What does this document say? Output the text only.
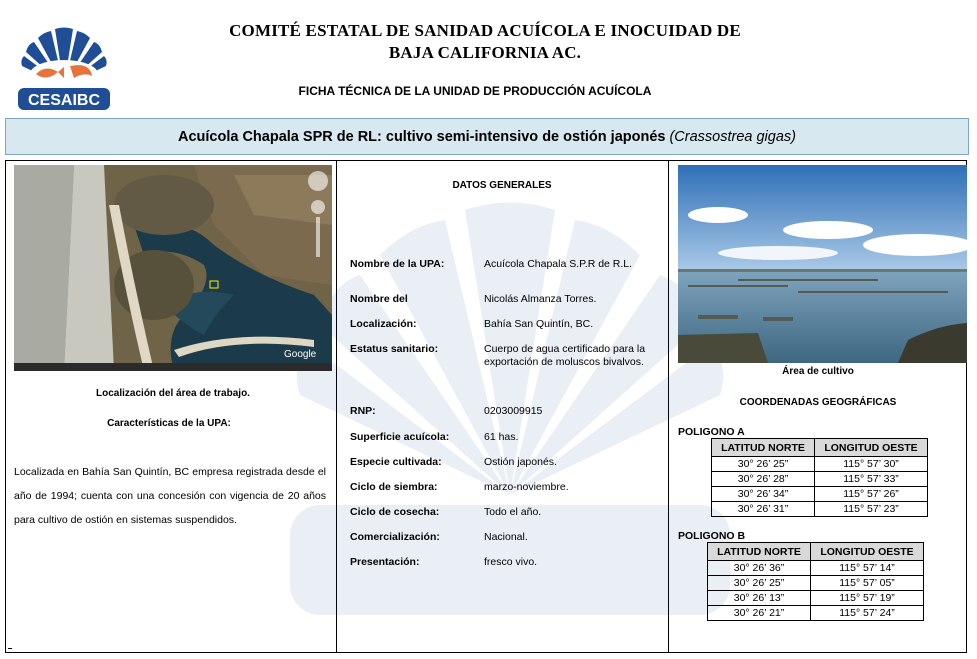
CESAIBC
COMITÉ ESTATAL DE SANIDAD ACUÍCOLA E INOCUIDAD DE
BAJA CALIFORNIA AC.
FICHA TÉCNICA DE LA UNIDAD DE PRODUCCIÓN ACUÍCOLA
Acuícola Chapala SPR de RL: cultivo semi-intensivo de ostión japonés (Crassostrea gigas)
Google
Localización del área de trabajo.
Características de la UPA:
Localizada en Bahía San Quintín, BC empresa registrada desde el año de 1994; cuenta con una concesión con vigencia de 20 años para cultivo de ostión en sistemas suspendidos.
DATOS GENERALES
Nombre de la UPA:	Acuícola Chapala S.P.R de R.L.
Nombre del	Nicolás Almanza Torres.
Localización:	Bahía San Quintín, BC.
Estatus sanitario:	Cuerpo de agua certificado para la exportación de moluscos bivalvos.
RNP:	0203009915
Superficie acuícola:	61 has.
Especie cultivada:	Ostión japonés.
Ciclo de siembra:	marzo-noviembre.
Ciclo de cosecha:	Todo el año.
Comercialización:	Nacional.
Presentación:	fresco vivo.
Área de cultivo
COORDENADAS GEOGRÁFICAS
POLIGONO A
LATITUD NORTE	LONGITUD OESTE
30° 26’ 25”	115° 57’ 30”
30° 26’ 28”	115° 57’ 33”
30° 26’ 34”	115° 57’ 26”
30° 26’ 31”	115° 57’ 23”
POLIGONO B
LATITUD NORTE	LONGITUD OESTE
30° 26’ 36”	115° 57’ 14”
30° 26’ 25”	115° 57’ 05”
30° 26’ 13”	115° 57’ 19”
30° 26’ 21”	115° 57’ 24”
